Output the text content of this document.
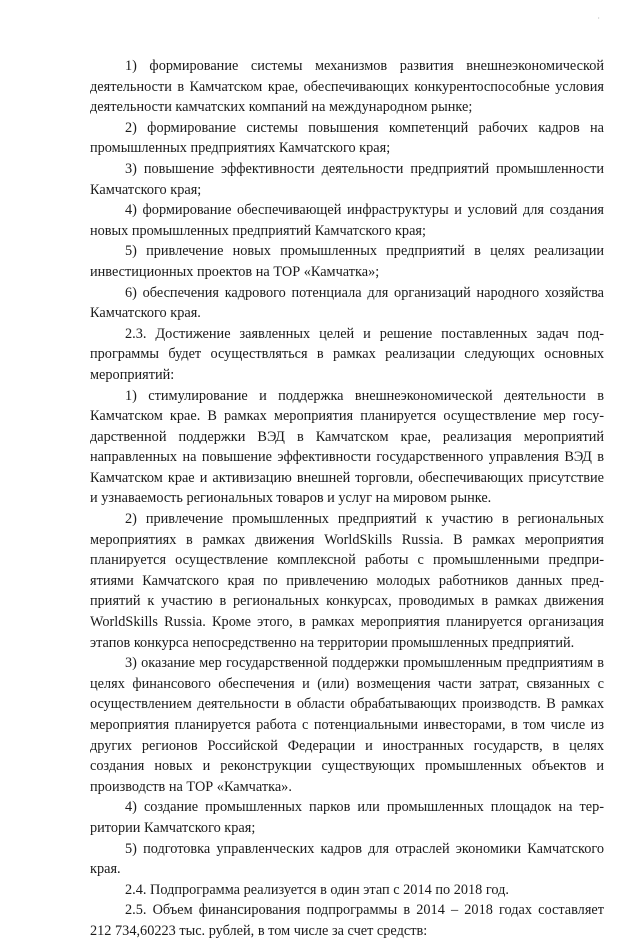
·

1) формирование системы механизмов развития внешнеэкономической деятельности в Камчатском крае, обеспечивающих конкурентоспособные условия деятельности камчатских компаний на международном рынке;

2) формирование системы повышения компетенций рабочих кадров на промышленных предприятиях Камчатского края;

3) повышение эффективности деятельности предприятий промышленности Камчатского края;

4) формирование обеспечивающей инфраструктуры и условий для создания новых промышленных предприятий Камчатского края;

5) привлечение новых промышленных предприятий в целях реализации инвестиционных проектов на ТОР «Камчатка»;

6) обеспечения кадрового потенциала для организаций народного хозяйства Камчатского края.

2.3. Достижение заявленных целей и решение поставленных задач подпрограммы будет осуществляться в рамках реализации следующих основных мероприятий:

1) стимулирование и поддержка внешнеэкономической деятельности в Камчатском крае. В рамках мероприятия планируется осуществление мер государственной поддержки ВЭД в Камчатском крае, реализация мероприятий направленных на повышение эффективности государственного управления ВЭД в Камчатском крае и активизацию внешней торговли, обеспечивающих присутствие и узнаваемость региональных товаров и услуг на мировом рынке.

2) привлечение промышленных предприятий к участию в региональных мероприятиях в рамках движения WorldSkills Russia. В рамках мероприятия планируется осуществление комплексной работы с промышленными предприятиями Камчатского края по привлечению молодых работников данных предприятий к участию в региональных конкурсах, проводимых в рамках движения WorldSkills Russia. Кроме этого, в рамках мероприятия планируется организация этапов конкурса непосредственно на территории промышленных предприятий.

3) оказание мер государственной поддержки промышленным предприятиям в целях финансового обеспечения и (или) возмещения части затрат, связанных с осуществлением деятельности в области обрабатывающих производств. В рамках мероприятия планируется работа с потенциальными инвесторами, в том числе из других регионов Российской Федерации и иностранных государств, в целях создания новых и реконструкции существующих промышленных объектов и производств на ТОР «Камчатка».

4) создание промышленных парков или промышленных площадок на территории Камчатского края;

5) подготовка управленческих кадров для отраслей экономики Камчатского края.

2.4. Подпрограмма реализуется в один этап с 2014 по 2018 год.

2.5. Объем финансирования подпрограммы в 2014 – 2018 годах составляет 212 734,60223 тыс. рублей, в том числе за счет средств:
